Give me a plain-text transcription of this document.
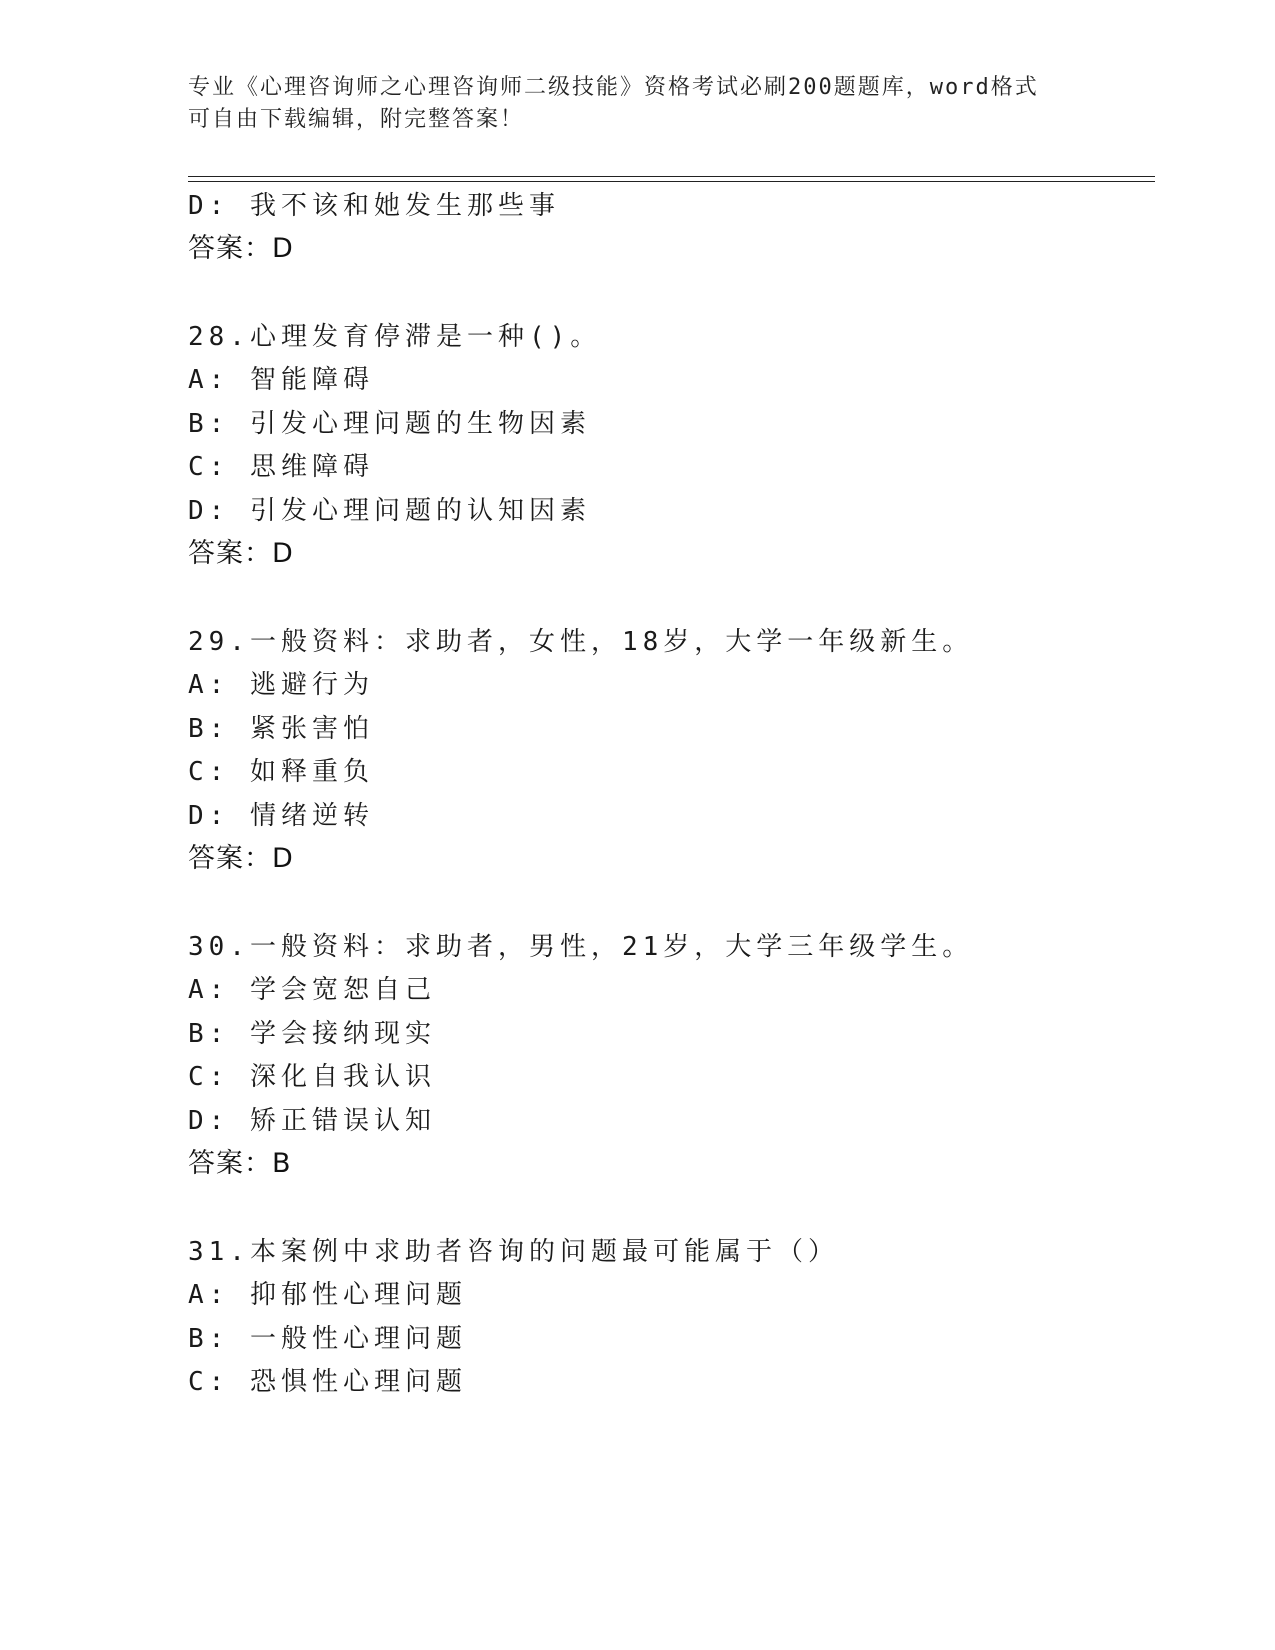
专业《心理咨询师之心理咨询师二级技能》资格考试必刷200题题库，word格式
可自由下载编辑，附完整答案！
D: 我不该和她发生那些事
答案：D
28.心理发育停滞是一种()。
A: 智能障碍
B: 引发心理问题的生物因素
C: 思维障碍
D: 引发心理问题的认知因素
答案：D
29.一般资料：求助者，女性，18岁，大学一年级新生。
A: 逃避行为
B: 紧张害怕
C: 如释重负
D: 情绪逆转
答案：D
30.一般资料：求助者，男性，21岁，大学三年级学生。
A: 学会宽恕自己
B: 学会接纳现实
C: 深化自我认识
D: 矫正错误认知
答案：B
31.本案例中求助者咨询的问题最可能属于（）
A: 抑郁性心理问题
B: 一般性心理问题
C: 恐惧性心理问题
